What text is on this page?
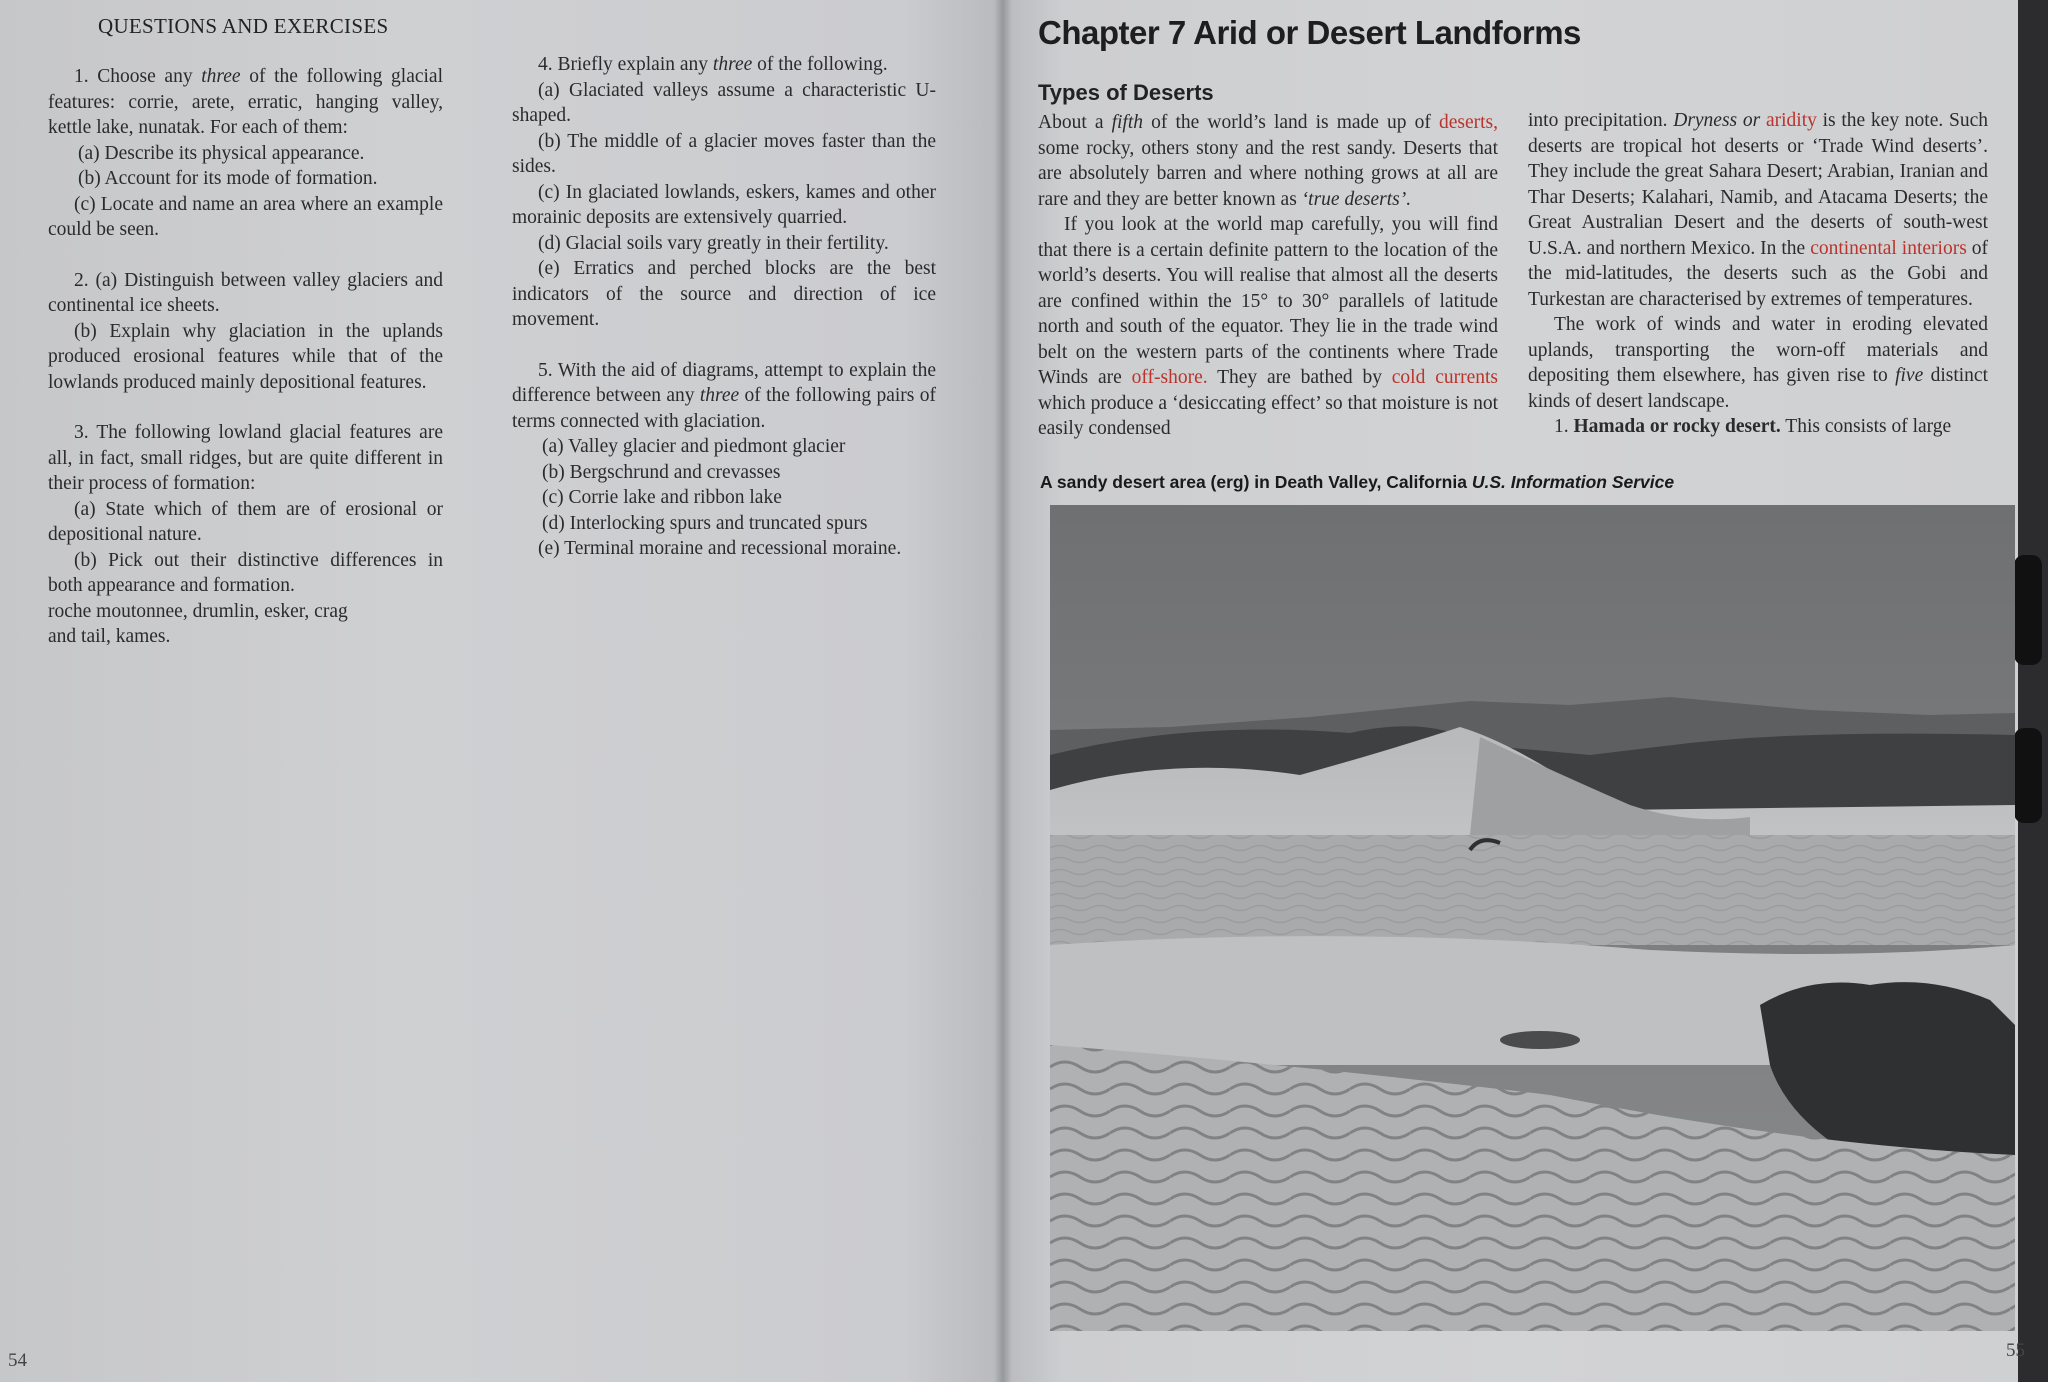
QUESTIONS AND EXERCISES

1. Choose any three of the following glacial features: corrie, arete, erratic, hanging valley, kettle lake, nunatak. For each of them:

(a) Describe its physical appearance.

(b) Account for its mode of formation.

(c) Locate and name an area where an example could be seen.

2. (a) Distinguish between valley glaciers and continental ice sheets.

(b) Explain why glaciation in the uplands produced erosional features while that of the lowlands produced mainly depositional features.

3. The following lowland glacial features are all, in fact, small ridges, but are quite different in their process of formation:

(a) State which of them are of erosional or depositional nature.

(b) Pick out their distinctive differences in both appearance and formation.

roche moutonnee, drumlin, esker, crag

and tail, kames.

4. Briefly explain any three of the following.

(a) Glaciated valleys assume a characteristic U-shaped.

(b) The middle of a glacier moves faster than the sides.

(c) In glaciated lowlands, eskers, kames and other morainic deposits are extensively quarried.

(d) Glacial soils vary greatly in their fertility.

(e) Erratics and perched blocks are the best indicators of the source and direction of ice movement.

5. With the aid of diagrams, attempt to explain the difference between any three of the following pairs of terms connected with glaciation.

(a) Valley glacier and piedmont glacier

(b) Bergschrund and crevasses

(c) Corrie lake and ribbon lake

(d) Interlocking spurs and truncated spurs

(e) Terminal moraine and recessional moraine.

54
Chapter 7 Arid or Desert Landforms
Types of Deserts

About a fifth of the world’s land is made up of deserts, some rocky, others stony and the rest sandy. Deserts that are absolutely barren and where nothing grows at all are rare and they are better known as ‘true deserts’.

If you look at the world map carefully, you will find that there is a certain definite pattern to the location of the world’s deserts. You will realise that almost all the deserts are confined within the 15° to 30° parallels of latitude north and south of the equator. They lie in the trade wind belt on the western parts of the continents where Trade Winds are off-shore. They are bathed by cold currents which produce a ‘desiccating effect’ so that moisture is not easily condensed

into precipitation. Dryness or aridity is the key note. Such deserts are tropical hot deserts or ‘Trade Wind deserts’. They include the great Sahara Desert; Arabian, Iranian and Thar Deserts; Kalahari, Namib, and Atacama Deserts; the Great Australian Desert and the deserts of south-west U.S.A. and northern Mexico. In the continental interiors of the mid-latitudes, the deserts such as the Gobi and Turkestan are characterised by extremes of temperatures.

The work of winds and water in eroding elevated uplands, transporting the worn-off materials and depositing them elsewhere, has given rise to five distinct kinds of desert landscape.

1. Hamada or rocky desert. This consists of large

A sandy desert area (erg) in Death Valley, California U.S. Information Service
55
